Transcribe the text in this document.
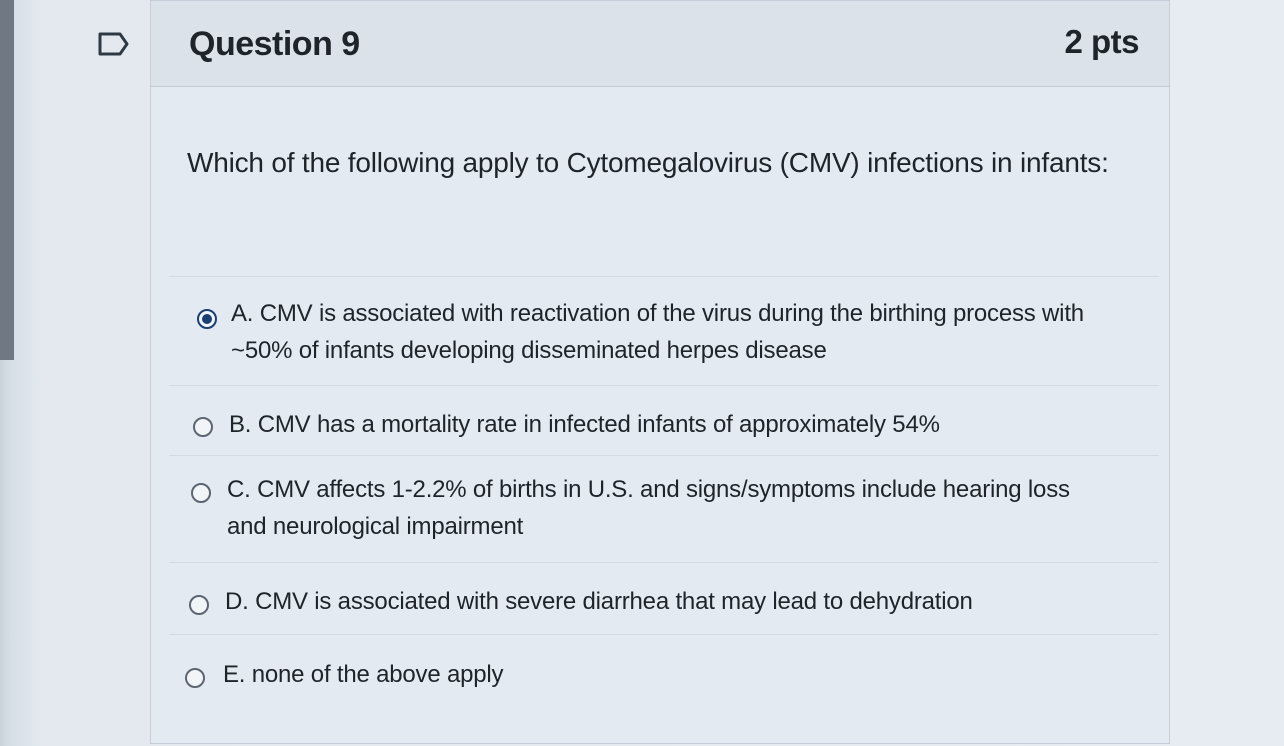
Question 9	2 pts
Which of the following apply to Cytomegalovirus (CMV) infections in infants:
A. CMV is associated with reactivation of the virus during the birthing process with ~50% of infants developing disseminated herpes disease
B. CMV has a mortality rate in infected infants of approximately 54%
C. CMV affects 1-2.2% of births in U.S. and signs/symptoms include hearing loss and neurological impairment
D. CMV is associated with severe diarrhea that may lead to dehydration
E. none of the above apply
